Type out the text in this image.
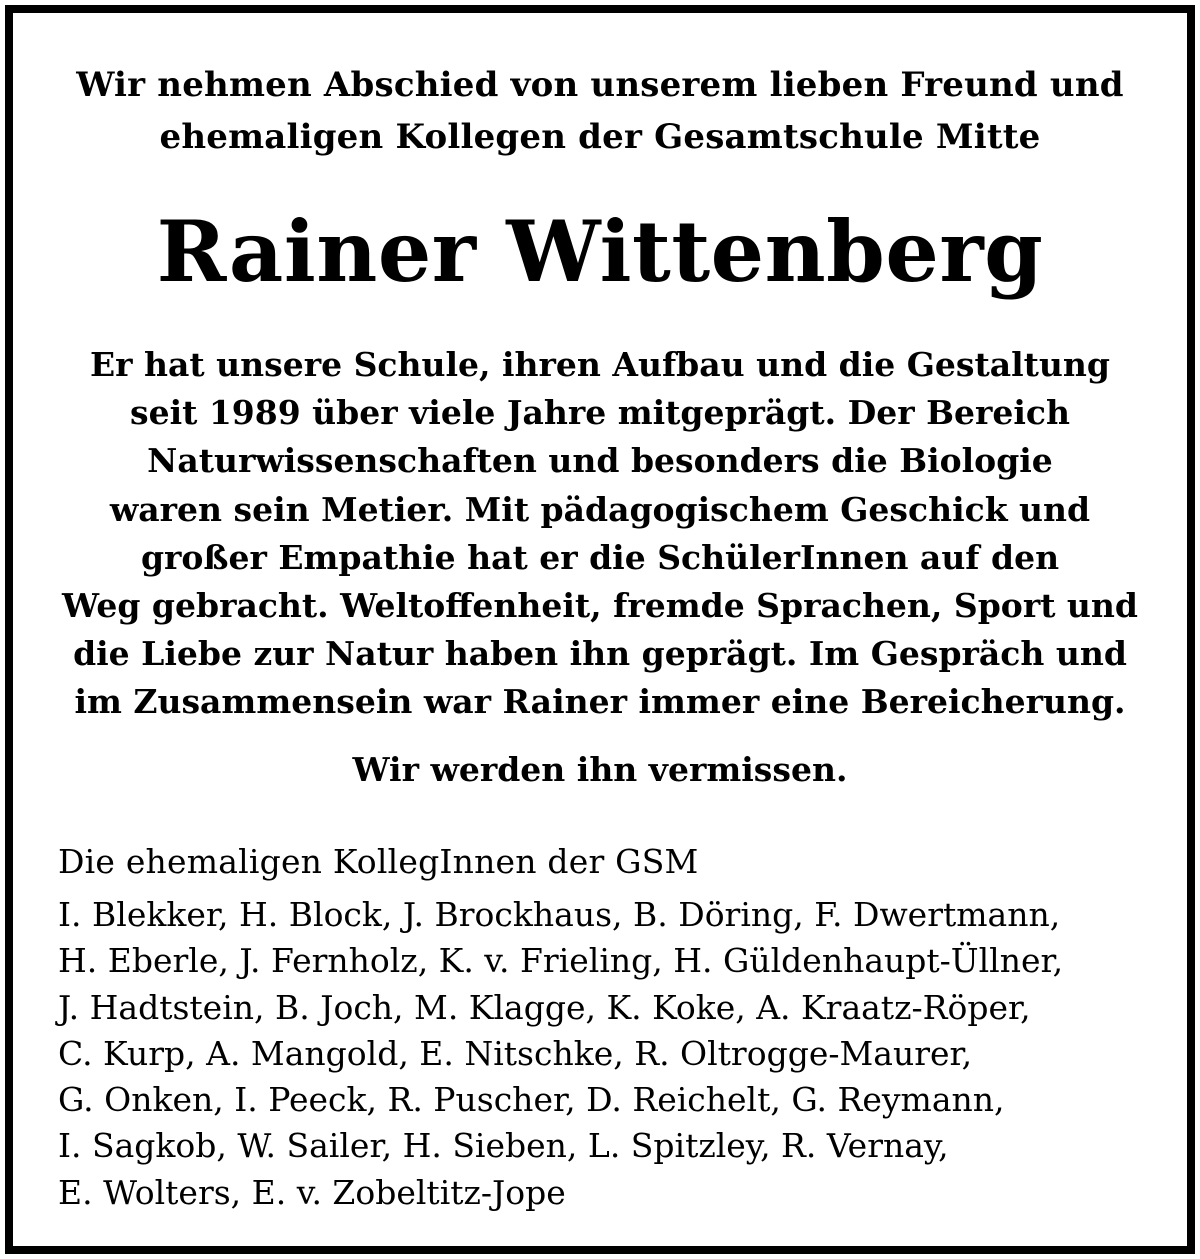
Wir nehmen Abschied von unserem lieben Freund und
ehemaligen Kollegen der Gesamtschule Mitte
Rainer Wittenberg
Er hat unsere Schule, ihren Aufbau und die Gestaltung
seit 1989 über viele Jahre mitgeprägt. Der Bereich
Naturwissenschaften und besonders die Biologie
waren sein Metier. Mit pädagogischem Geschick und
großer Empathie hat er die SchülerInnen auf den
Weg gebracht. Weltoffenheit, fremde Sprachen, Sport und
die Liebe zur Natur haben ihn geprägt. Im Gespräch und
im Zusammensein war Rainer immer eine Bereicherung.
Wir werden ihn vermissen.
Die ehemaligen KollegInnen der GSM
I. Blekker, H. Block, J. Brockhaus, B. Döring, F. Dwertmann,
H. Eberle, J. Fernholz, K. v. Frieling, H. Güldenhaupt-Üllner,
J. Hadtstein, B. Joch, M. Klagge, K. Koke, A. Kraatz-Röper,
C. Kurp, A. Mangold, E. Nitschke, R. Oltrogge-Maurer,
G. Onken, I. Peeck, R. Puscher, D. Reichelt, G. Reymann,
I. Sagkob, W. Sailer, H. Sieben, L. Spitzley, R. Vernay,
E. Wolters, E. v. Zobeltitz-Jope
